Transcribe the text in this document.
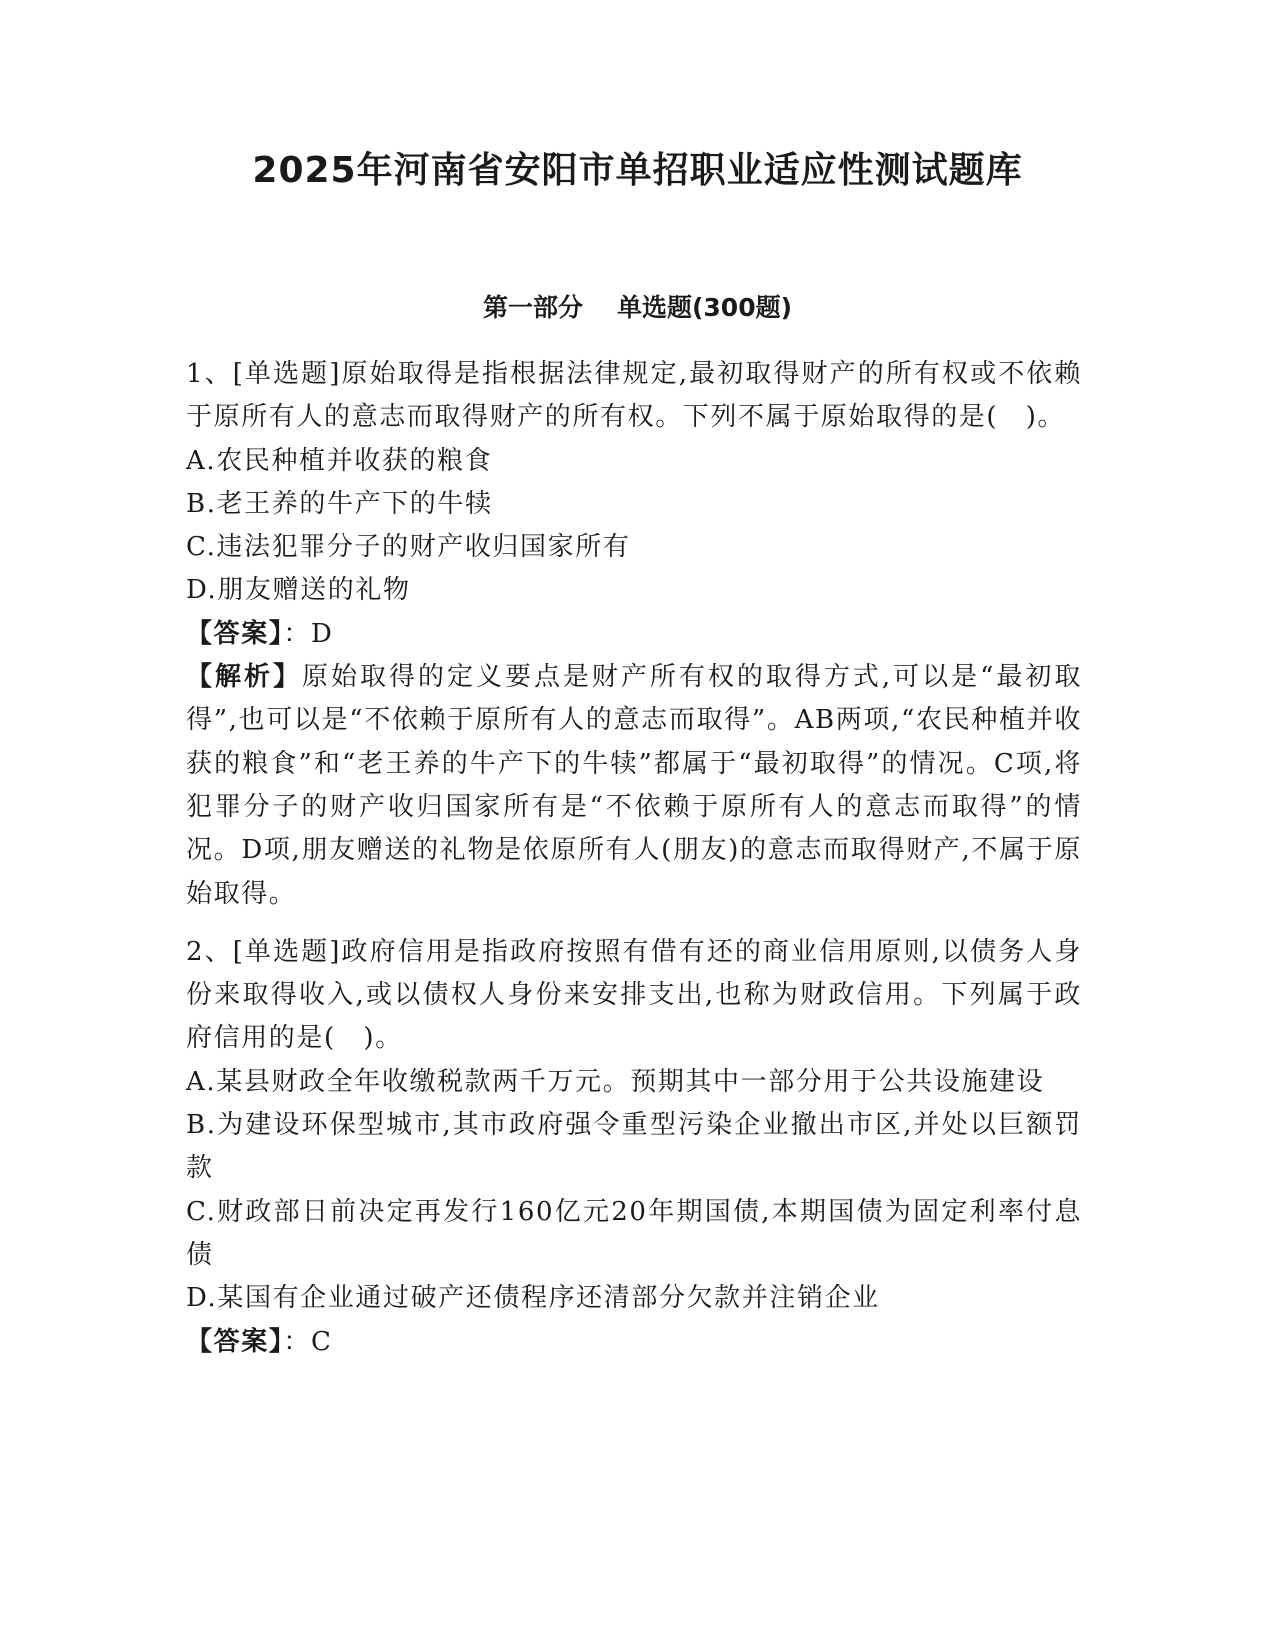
2025年河南省安阳市单招职业适应性测试题库
第一部分 单选题(300题)

1、[单选题]原始取得是指根据法律规定,最初取得财产的所有权或不依赖于原所有人的意志而取得财产的所有权。下列不属于原始取得的是(　)。

A.农民种植并收获的粮食

B.老王养的牛产下的牛犊

C.违法犯罪分子的财产收归国家所有

D.朋友赠送的礼物

【答案】：D

【解析】原始取得的定义要点是财产所有权的取得方式,可以是“最初取得”,也可以是“不依赖于原所有人的意志而取得”。AB两项,“农民种植并收获的粮食”和“老王养的牛产下的牛犊”都属于“最初取得”的情况。C项,将犯罪分子的财产收归国家所有是“不依赖于原所有人的意志而取得”的情况。D项,朋友赠送的礼物是依原所有人(朋友)的意志而取得财产,不属于原始取得。

2、[单选题]政府信用是指政府按照有借有还的商业信用原则,以债务人身份来取得收入,或以债权人身份来安排支出,也称为财政信用。下列属于政府信用的是(　)。

A.某县财政全年收缴税款两千万元。预期其中一部分用于公共设施建设

B.为建设环保型城市,其市政府强令重型污染企业撤出市区,并处以巨额罚款

C.财政部日前决定再发行160亿元20年期国债,本期国债为固定利率付息债

D.某国有企业通过破产还债程序还清部分欠款并注销企业

【答案】：C
